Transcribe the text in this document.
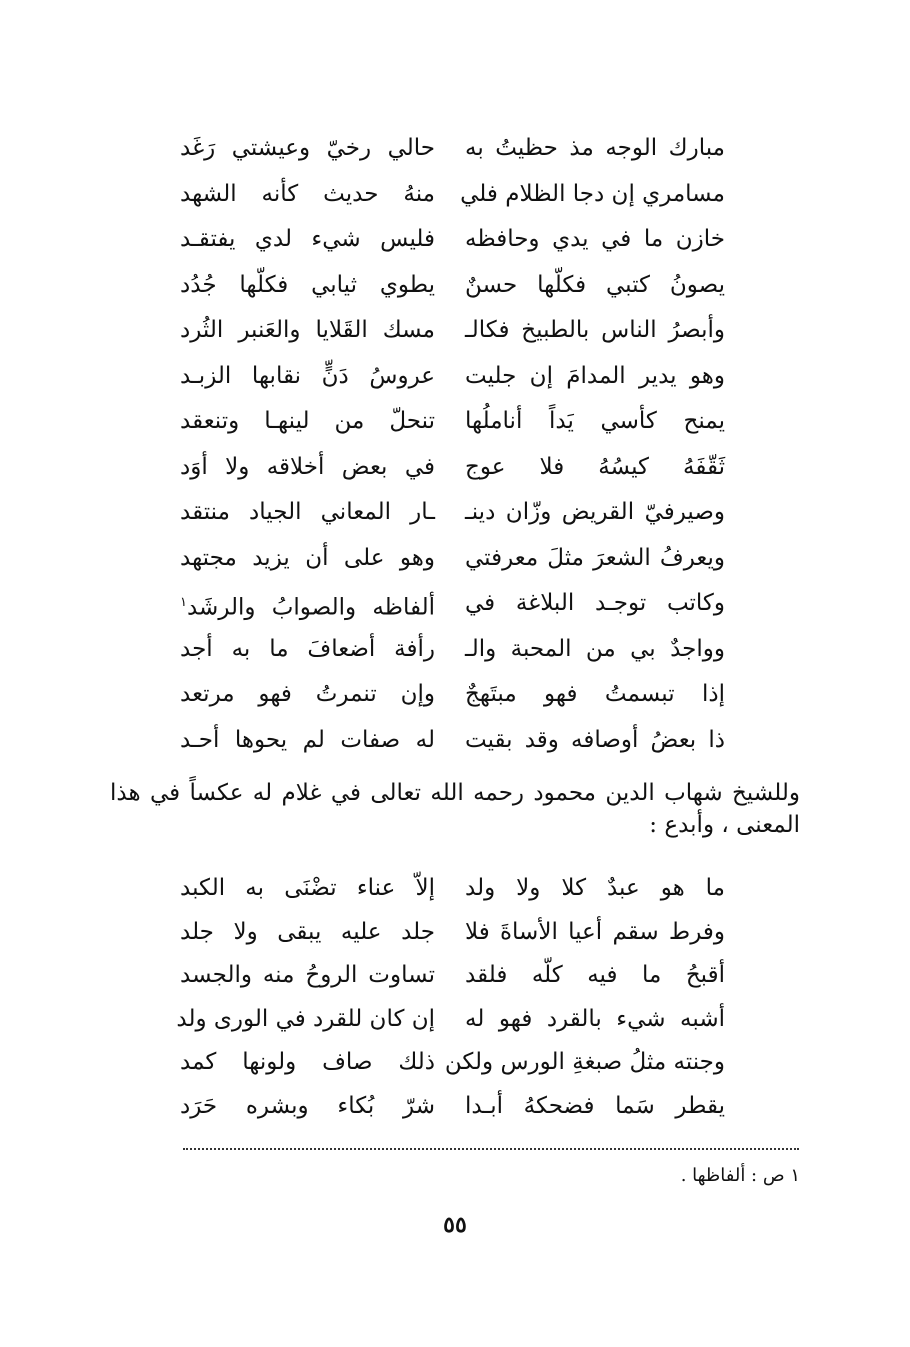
مبارك الوجه مذ حظيتُ به
حالي رخيّ وعيشتي رَغَد
مسامري إن دجا الظلام فلي
منهُ حديث كأنه الشهد
خازن ما في يدي وحافظه
فليس شيء لدي يفتقـد
يصونُ كتبي فكلّها حسنٌ
يطوي ثيابي فكلّها جُدُد
وأبصرُ الناس بالطبيخ فكالـ
مسك القَلايا والعَنبر الثُرد
وهو يدير المدامَ إن جليت
عروسُ دَنٍّ نقابها الزبـد
يمنح كأسي يَداً أناملُها
تنحلّ من لينهـا وتنعقد
ثَقّفَهُ كيسُهُ فلا عوج
في بعض أخلاقه ولا أوَد
وصيرفيّ القريض وزّان دينـ
ـار المعاني الجياد منتقد
ويعرفُ الشعرَ مثلَ معرفتي
وهو على أن يزيد مجتهد
وكاتب توجـد البلاغة في
ألفاظه والصوابُ والرشَد$^١$
وواجدٌ بي من المحبة والـ
رأفة أضعافَ ما به أجد
إذا تبسمتُ فهو مبتَهجٌ
وإن تنمرتُ فهو مرتعد
ذا بعضُ أوصافه وقد بقيت
له صفات لم يحوها أحـد
وللشيخ شهاب الدين محمود رحمه الله تعالى في غلام له عكساً في هذا المعنى ، وأبدع :
ما هو عبدٌ كلا ولا ولد
إلاّ عناء تضْنَى به الكبد
وفرط سقم أعيا الأساةَ فلا
جلد عليه يبقى ولا جلد
أقبحُ ما فيه كلّه فلقد
تساوت الروحُ منه والجسد
أشبه شيء بالقرد فهو له
إن كان للقرد في الورى ولد
وجنته مثلُ صبغةِ الورس ولكن
ذلك صاف ولونها كمد
يقطر سَما فضحكهُ أبـدا
شرّ بُكاء وبشره حَرَد
١ ص : ألفاظها .
٥٥
